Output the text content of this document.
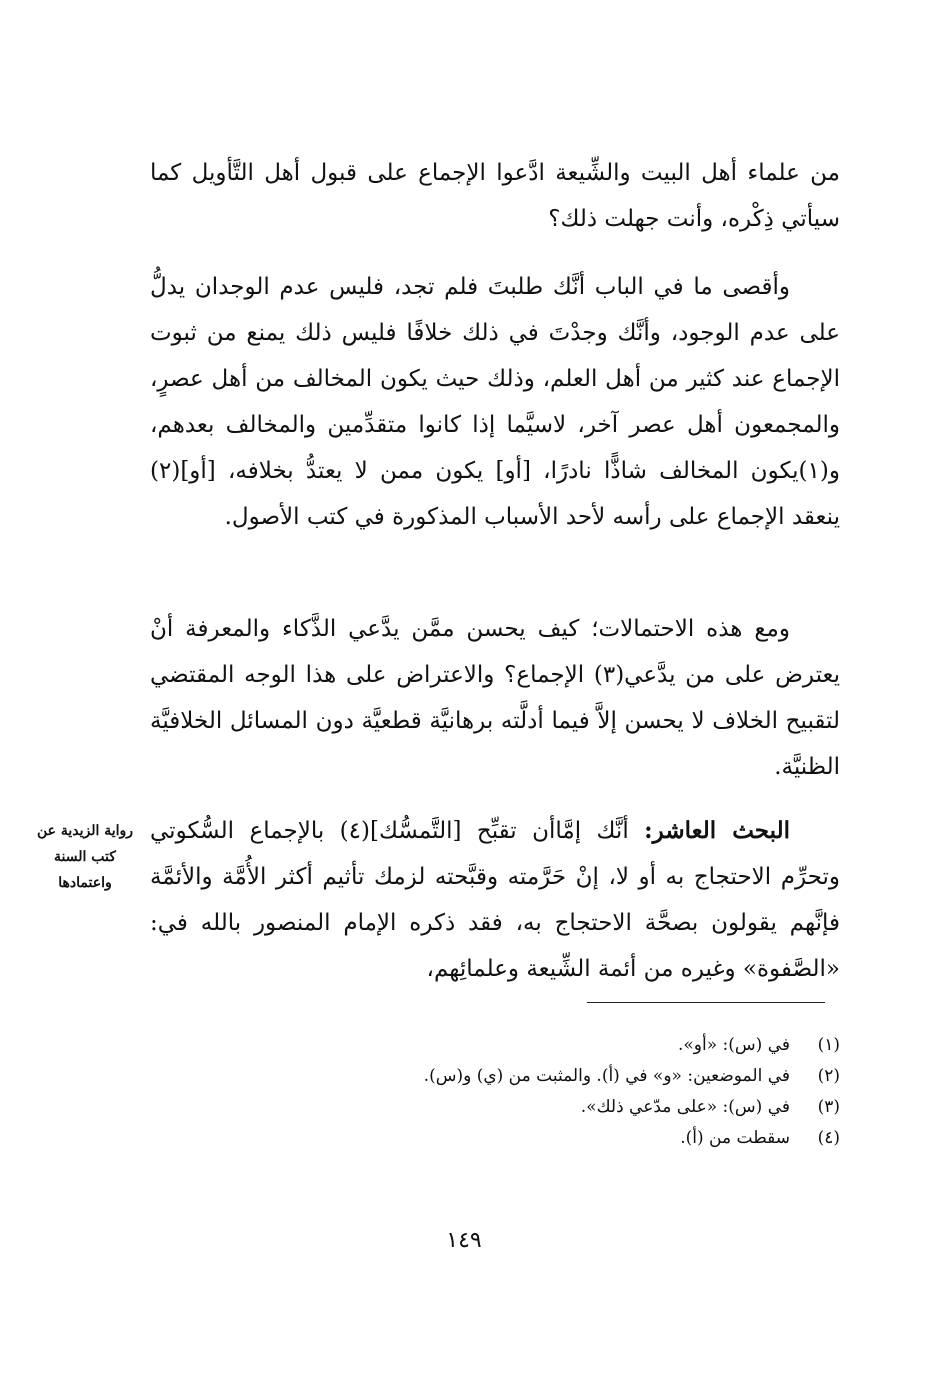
من علماء أهل البيت والشِّيعة ادَّعوا الإجماع على قبول أهل التَّأويل كما سيأتي ذِكْره، وأنت جهلت ذلك؟

وأقصى ما في الباب أنَّك طلبتَ فلم تجد، فليس عدم الوجدان يدلُّ على عدم الوجود، وأنَّك وجدْتَ في ذلك خلافًا فليس ذلك يمنع من ثبوت الإجماع عند كثير من أهل العلم، وذلك حيث يكون المخالف من أهل عصرٍ، والمجمعون أهل عصر آخر، لاسيَّما إذا كانوا متقدِّمين والمخالف بعدهم، و(١)يكون المخالف شاذًّا نادرًا، [أو] يكون ممن لا يعتدُّ بخلافه، [أو](٢) ينعقد الإجماع على رأسه لأحد الأسباب المذكورة في كتب الأصول.

ومع هذه الاحتمالات؛ كيف يحسن ممَّن يدَّعي الذَّكاء والمعرفة أنْ يعترض على من يدَّعي(٣) الإجماع؟ والاعتراض على هذا الوجه المقتضي لتقبيح الخلاف لا يحسن إلاَّ فيما أدلَّته برهانيَّة قطعيَّة دون المسائل الخلافيَّة الظنيَّة.

البحث العاشر: أنَّك إمَّاأن تقبِّح [التَّمسُّك](٤) بالإجماع السُّكوتي وتحرِّم الاحتجاج به أو لا، إنْ حَرَّمته وقبَّحته لزمك تأثيم أكثر الأُمَّة والأئمَّة فإنَّهم يقولون بصحَّة الاحتجاج به، فقد ذكره الإمام المنصور بالله في: «الصَّفوة» وغيره من أئمة الشِّيعة وعلمائِهم،

رواية الزيدية عن
كتب السنة
واعتمادها
(١)
في (س): «أو».
(٢)
في الموضعين: «و» في (أ). والمثبت من (ي) و(س).
(٣)
في (س): «على مدّعي ذلك».
(٤)
سقطت من (أ).
١٤٩
